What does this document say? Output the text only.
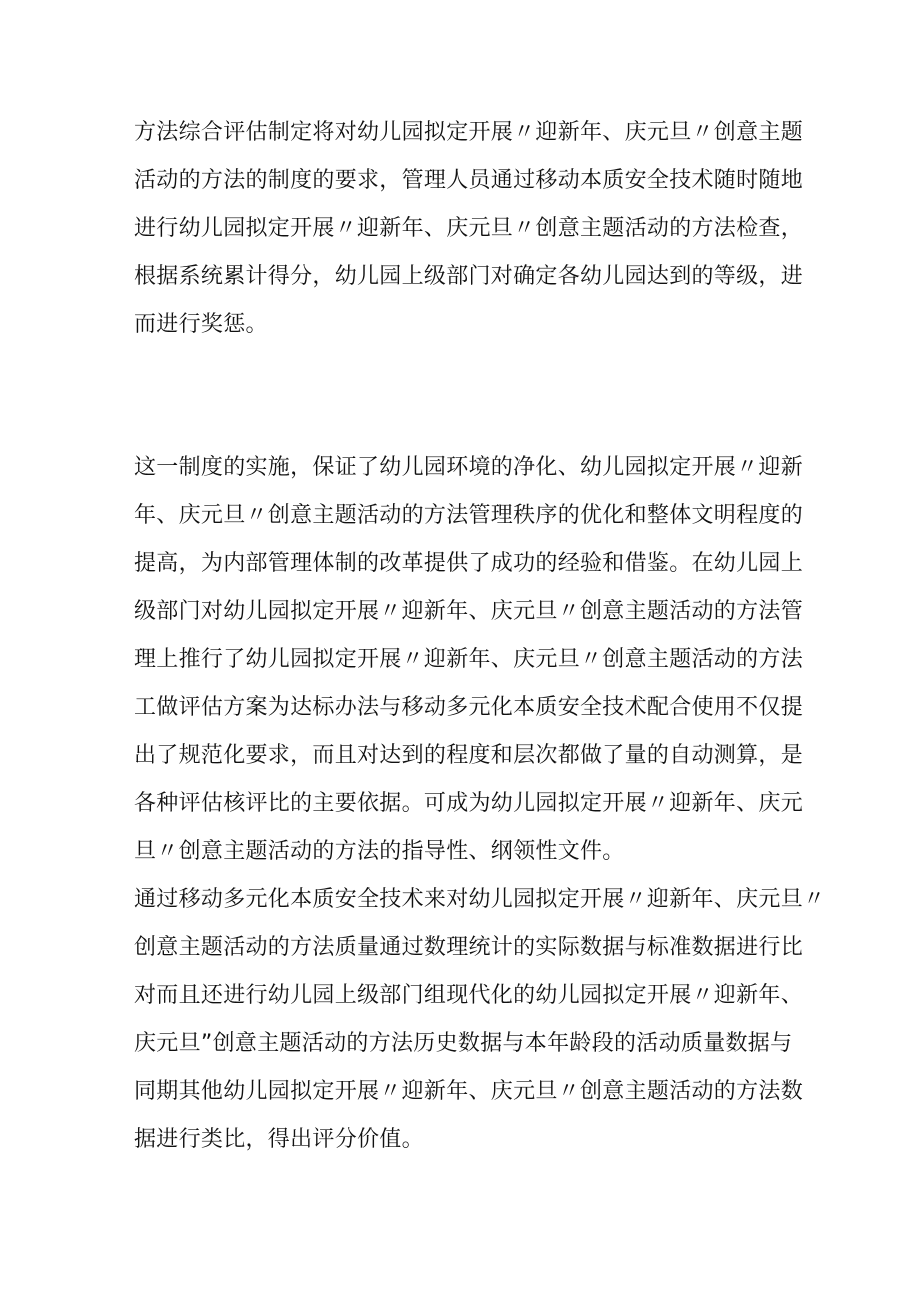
方法综合评估制定将对幼儿园拟定开展〃迎新年、庆元旦〃创意主题
活动的方法的制度的要求，管理人员通过移动本质安全技术随时随地
进行幼儿园拟定开展〃迎新年、庆元旦〃创意主题活动的方法检查，
根据系统累计得分，幼儿园上级部门对确定各幼儿园达到的等级，进
而进行奖惩。
这一制度的实施，保证了幼儿园环境的净化、幼儿园拟定开展〃迎新
年、庆元旦〃创意主题活动的方法管理秩序的优化和整体文明程度的
提高，为内部管理体制的改革提供了成功的经验和借鉴。在幼儿园上
级部门对幼儿园拟定开展〃迎新年、庆元旦〃创意主题活动的方法管
理上推行了幼儿园拟定开展〃迎新年、庆元旦〃创意主题活动的方法
工做评估方案为达标办法与移动多元化本质安全技术配合使用不仅提
出了规范化要求，而且对达到的程度和层次都做了量的自动测算，是
各种评估核评比的主要依据。可成为幼儿园拟定开展〃迎新年、庆元
旦〃创意主题活动的方法的指导性、纲领性文件。
通过移动多元化本质安全技术来对幼儿园拟定开展〃迎新年、庆元旦〃
创意主题活动的方法质量通过数理统计的实际数据与标准数据进行比
对而且还进行幼儿园上级部门组现代化的幼儿园拟定开展〃迎新年、
庆元旦”创意主题活动的方法历史数据与本年龄段的活动质量数据与
同期其他幼儿园拟定开展〃迎新年、庆元旦〃创意主题活动的方法数
据进行类比，得出评分价值。
